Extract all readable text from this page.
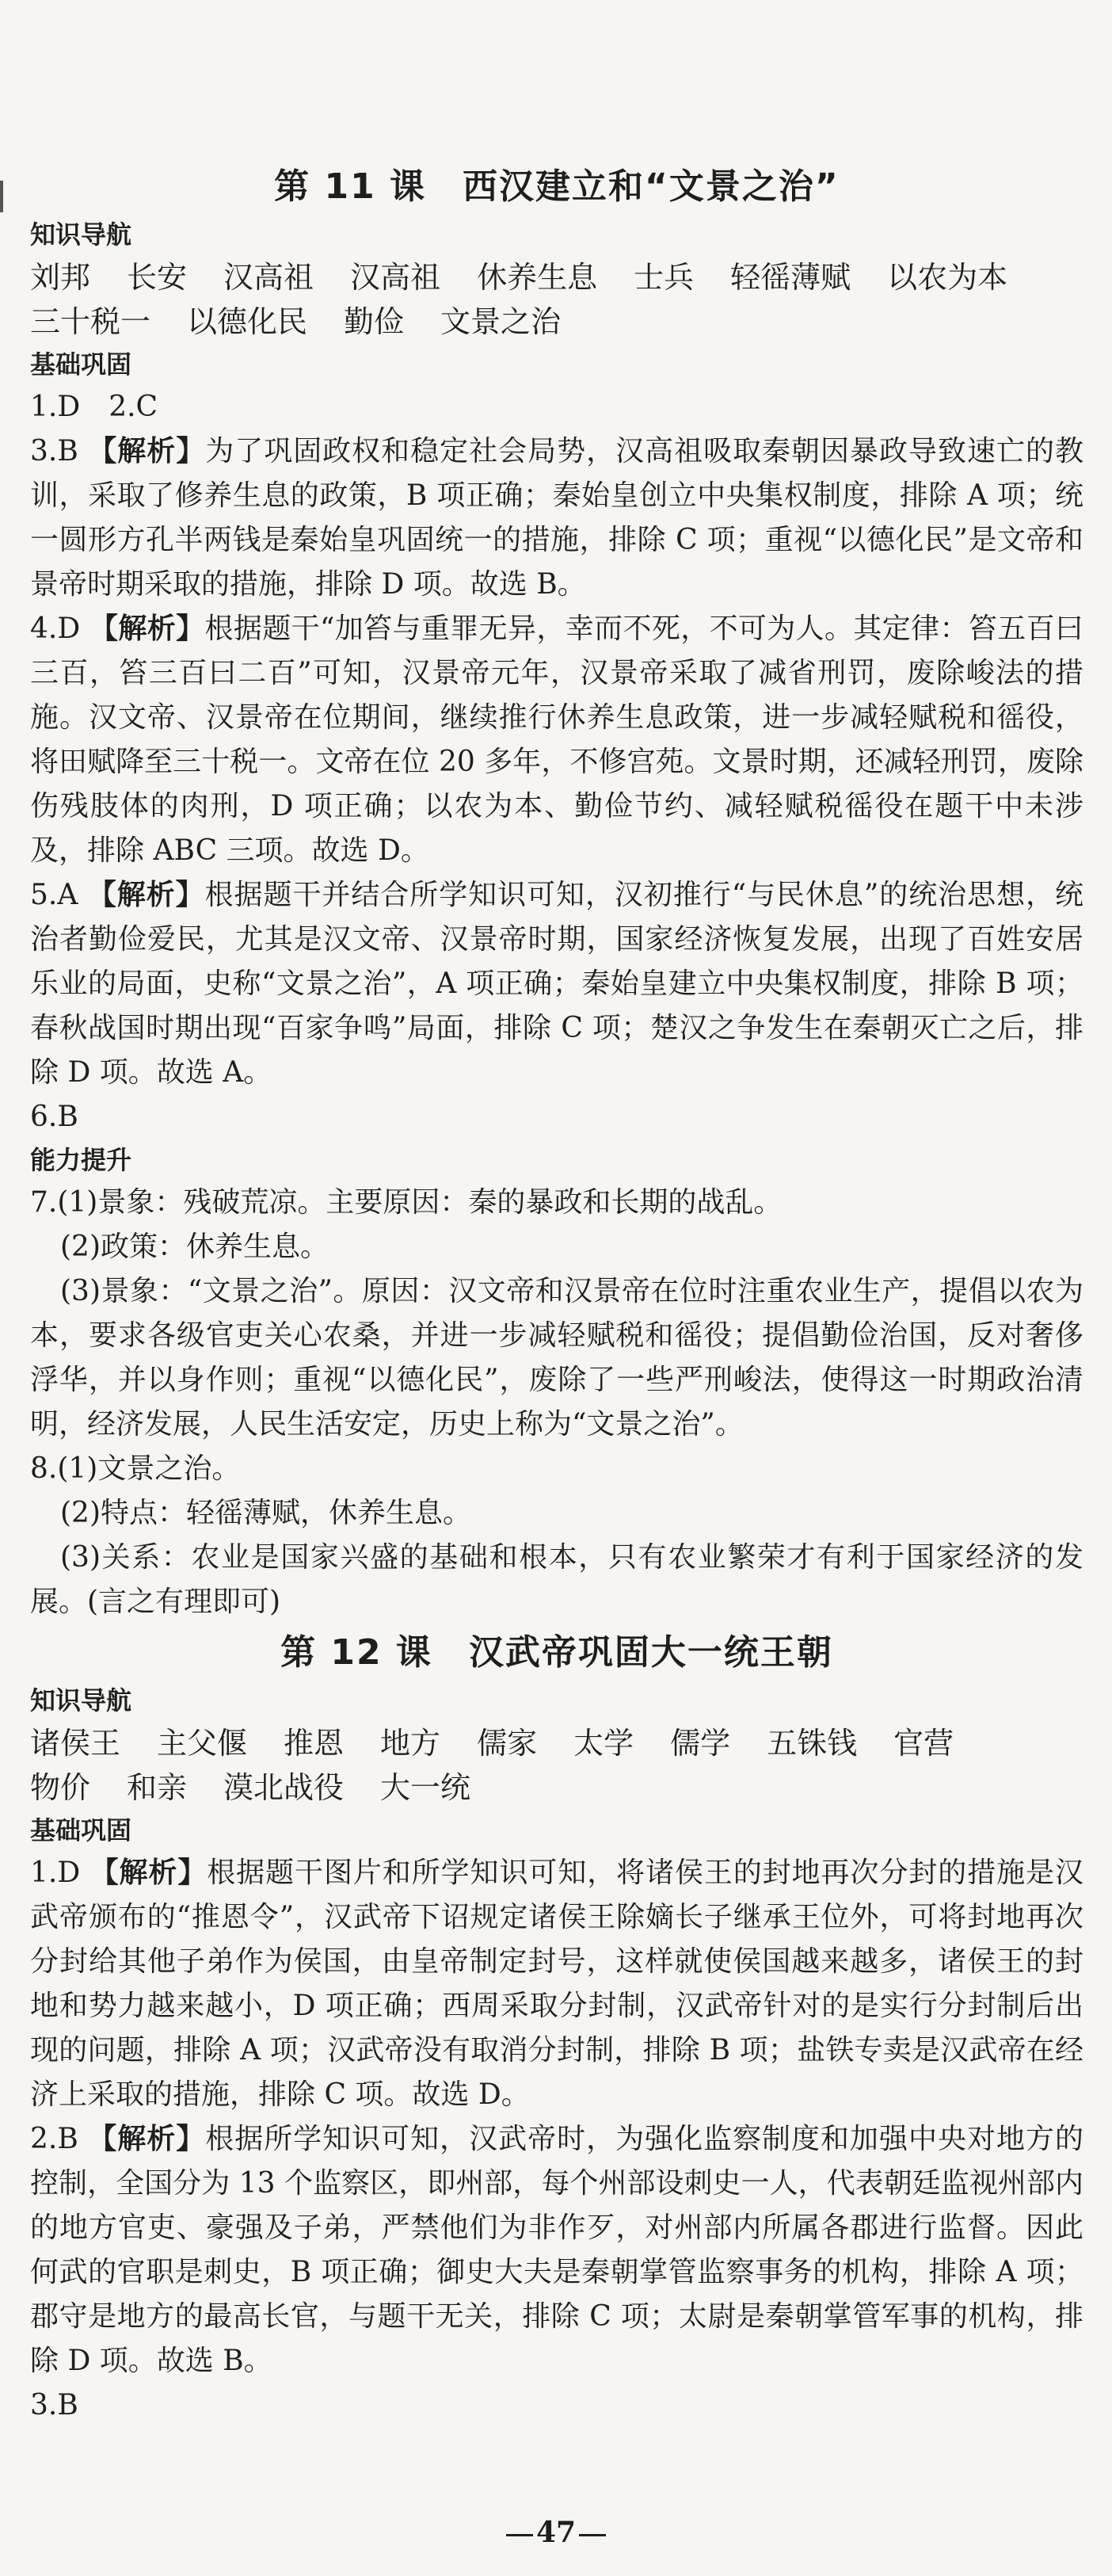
第 11 课 西汉建立和“文景之治”
知识导航
刘邦 长安 汉高祖 汉高祖 休养生息 士兵 轻徭薄赋 以农为本三十税一 以德化民 勤俭 文景之治
基础巩固
1.D　2.C
3.B 【解析】为了巩固政权和稳定社会局势，汉高祖吸取秦朝因暴政导致速亡的教训，采取了修养生息的政策，B 项正确；秦始皇创立中央集权制度，排除 A 项；统一圆形方孔半两钱是秦始皇巩固统一的措施，排除 C 项；重视“以德化民”是文帝和景帝时期采取的措施，排除 D 项。故选 B。
4.D 【解析】根据题干“加笞与重罪无异，幸而不死，不可为人。其定律：笞五百曰三百，笞三百曰二百”可知，汉景帝元年，汉景帝采取了减省刑罚，废除峻法的措施。汉文帝、汉景帝在位期间，继续推行休养生息政策，进一步减轻赋税和徭役，将田赋降至三十税一。文帝在位 20 多年，不修宫苑。文景时期，还减轻刑罚，废除伤残肢体的肉刑，D 项正确；以农为本、勤俭节约、减轻赋税徭役在题干中未涉及，排除 ABC 三项。故选 D。
5.A 【解析】根据题干并结合所学知识可知，汉初推行“与民休息”的统治思想，统治者勤俭爱民，尤其是汉文帝、汉景帝时期，国家经济恢复发展，出现了百姓安居乐业的局面，史称“文景之治”，A 项正确；秦始皇建立中央集权制度，排除 B 项；春秋战国时期出现“百家争鸣”局面，排除 C 项；楚汉之争发生在秦朝灭亡之后，排除 D 项。故选 A。
6.B
能力提升
7.(1)景象：残破荒凉。主要原因：秦的暴政和长期的战乱。
(2)政策：休养生息。
(3)景象：“文景之治”。原因：汉文帝和汉景帝在位时注重农业生产，提倡以农为本，要求各级官吏关心农桑，并进一步减轻赋税和徭役；提倡勤俭治国，反对奢侈浮华，并以身作则；重视“以德化民”，废除了一些严刑峻法，使得这一时期政治清明，经济发展，人民生活安定，历史上称为“文景之治”。
8.(1)文景之治。
(2)特点：轻徭薄赋，休养生息。
(3)关系：农业是国家兴盛的基础和根本，只有农业繁荣才有利于国家经济的发展。(言之有理即可)
第 12 课 汉武帝巩固大一统王朝
知识导航
诸侯王 主父偃 推恩 地方 儒家 太学 儒学 五铢钱 官营物价 和亲 漠北战役 大一统
基础巩固
1.D 【解析】根据题干图片和所学知识可知，将诸侯王的封地再次分封的措施是汉武帝颁布的“推恩令”，汉武帝下诏规定诸侯王除嫡长子继承王位外，可将封地再次分封给其他子弟作为侯国，由皇帝制定封号，这样就使侯国越来越多，诸侯王的封地和势力越来越小，D 项正确；西周采取分封制，汉武帝针对的是实行分封制后出现的问题，排除 A 项；汉武帝没有取消分封制，排除 B 项；盐铁专卖是汉武帝在经济上采取的措施，排除 C 项。故选 D。
2.B 【解析】根据所学知识可知，汉武帝时，为强化监察制度和加强中央对地方的控制，全国分为 13 个监察区，即州部，每个州部设刺史一人，代表朝廷监视州部内的地方官吏、豪强及子弟，严禁他们为非作歹，对州部内所属各郡进行监督。因此何武的官职是刺史，B 项正确；御史大夫是秦朝掌管监察事务的机构，排除 A 项；郡守是地方的最高长官，与题干无关，排除 C 项；太尉是秦朝掌管军事的机构，排除 D 项。故选 B。
3.B
47
